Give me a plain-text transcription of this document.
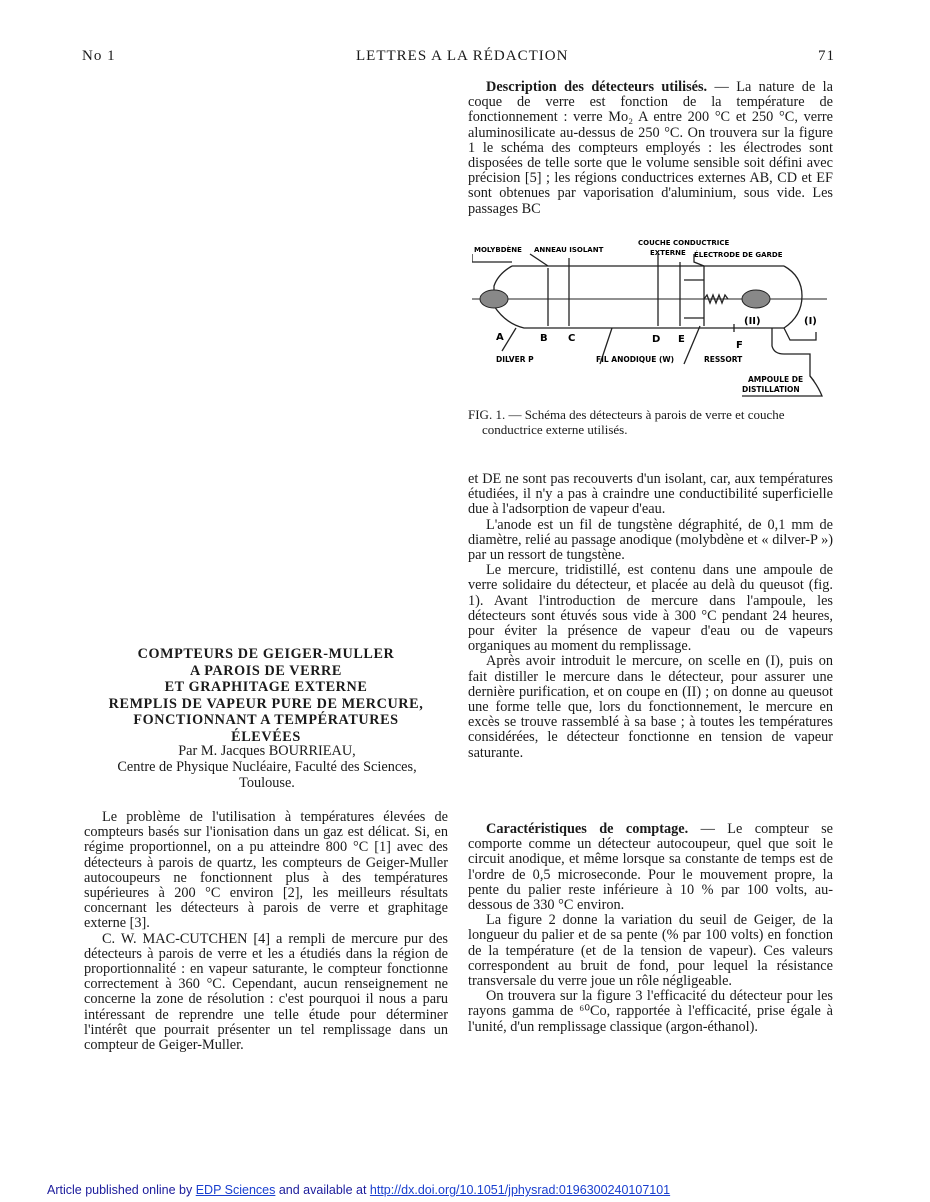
No 1	LETTRES A LA RÉDACTION	71

Description des détecteurs utilisés. — La nature de la coque de verre est fonction de la température de fonctionnement : verre Mo₂ A entre 200 °C et 250 °C, verre aluminosilicate au-dessus de 250 °C. On trouvera sur la figure 1 le schéma des compteurs employés : les électrodes sont disposées de telle sorte que le volume sensible soit défini avec précision [5] ; les régions conductrices externes AB, CD et EF sont obtenues par vaporisation d'aluminium, sous vide. Les passages BC

MOLYBDÈNE ANNEAU ISOLANT
COUCHE CONDUCTRICE
EXTERNE ÉLECTRODE DE GARDE
A	B C	D E
F
(II)	(I)
DILVER P	FIL ANODIQUE (W)	RESSORT
AMPOULE DE
DISTILLATION
FIG. 1. — Schéma des détecteurs à parois de verre et couche
conductrice externe utilisés.

et DE ne sont pas recouverts d'un isolant, car, aux températures étudiées, il n'y a pas à craindre une conductibilité superficielle due à l'adsorption de vapeur d'eau.

L'anode est un fil de tungstène dégraphité, de 0,1 mm de diamètre, relié au passage anodique (molybdène et « dilver-P ») par un ressort de tungstène.

Le mercure, tridistillé, est contenu dans une ampoule de verre solidaire du détecteur, et placée au delà du queusot (fig. 1). Avant l'introduction de mercure dans l'ampoule, les détecteurs sont étuvés sous vide à 300 °C pendant 24 heures, pour éviter la présence de vapeur d'eau ou de vapeurs organiques au moment du remplissage.

Après avoir introduit le mercure, on scelle en (I), puis on fait distiller le mercure dans le détecteur, pour assurer une dernière purification, et on coupe en (II) ; on donne au queusot une forme telle que, lors du fonctionnement, le mercure en excès se trouve rassemblé à sa base ; à toutes les températures considérées, le détecteur fonctionne en tension de vapeur saturante.

Caractéristiques de comptage. — Le compteur se comporte comme un détecteur autocoupeur, quel que soit le circuit anodique, et même lorsque sa constante de temps est de l'ordre de 0,5 microseconde. Pour le mouvement propre, la pente du palier reste inférieure à 10 % par 100 volts, au-dessous de 330 °C environ.

La figure 2 donne la variation du seuil de Geiger, de la longueur du palier et de sa pente (% par 100 volts) en fonction de la température (et de la tension de vapeur). Ces valeurs correspondent au bruit de fond, pour lequel la résistance transversale du verre joue un rôle négligeable.

On trouvera sur la figure 3 l'efficacité du détecteur pour les rayons gamma de ⁶⁰Co, rapportée à l'efficacité, prise égale à l'unité, d'un remplissage classique (argon-éthanol).

COMPTEURS DE GEIGER-MULLER
A PAROIS DE VERRE
ET GRAPHITAGE EXTERNE
REMPLIS DE VAPEUR PURE DE MERCURE,
FONCTIONNANT A TEMPÉRATURES ÉLEVÉES
Par M. Jacques BOURRIEAU,
Centre de Physique Nucléaire, Faculté des Sciences,
Toulouse.

Le problème de l'utilisation à températures élevées de compteurs basés sur l'ionisation dans un gaz est délicat. Si, en régime proportionnel, on a pu atteindre 800 °C [1] avec des détecteurs à parois de quartz, les compteurs de Geiger-Muller autocoupeurs ne fonctionnent plus à des températures supérieures à 200 °C environ [2], les meilleurs résultats concernant les détecteurs à parois de verre et graphitage externe [3].

C. W. MAC-CUTCHEN [4] a rempli de mercure pur des détecteurs à parois de verre et les a étudiés dans la région de proportionnalité : en vapeur saturante, le compteur fonctionne correctement à 360 °C. Cependant, aucun renseignement ne concerne la zone de résolution : c'est pourquoi il nous a paru intéressant de reprendre une telle étude pour déterminer l'intérêt que pourrait présenter un tel remplissage dans un compteur de Geiger-Muller.

Article published online by EDP Sciences and available at http://dx.doi.org/10.1051/jphysrad:0196300240107101
